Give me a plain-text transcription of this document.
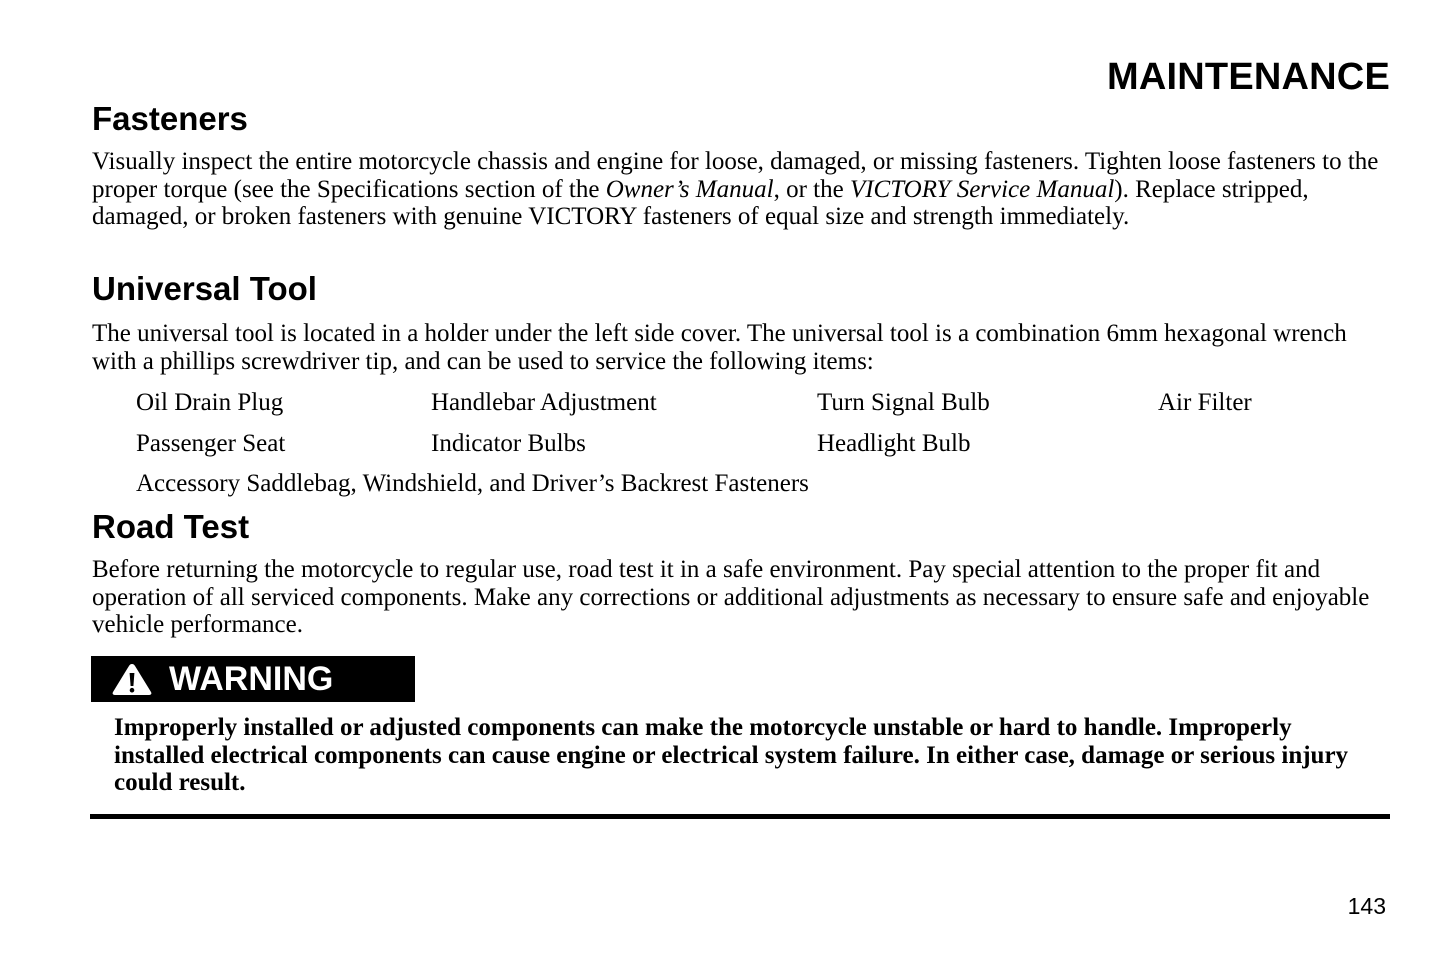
MAINTENANCE
Fasteners
Visually inspect the entire motorcycle chassis and engine for loose, damaged, or missing fasteners. Tighten loose fasteners to the proper torque (see the Specifications section of the Owner’s Manual, or the VICTORY Service Manual). Replace stripped, damaged, or broken fasteners with genuine VICTORY fasteners of equal size and strength immediately.
Universal Tool
The universal tool is located in a holder under the left side cover. The universal tool is a combination 6mm hexagonal wrench with a phillips screwdriver tip, and can be used to service the following items:
Oil Drain Plug	Handlebar Adjustment	Turn Signal Bulb	Air Filter
Passenger Seat	Indicator Bulbs	Headlight Bulb
Accessory Saddlebag, Windshield, and Driver’s Backrest Fasteners
Road Test
Before returning the motorcycle to regular use, road test it in a safe environment. Pay special attention to the proper fit and operation of all serviced components. Make any corrections or additional adjustments as necessary to ensure safe and enjoyable vehicle performance.
WARNING
Improperly installed or adjusted components can make the motorcycle unstable or hard to handle. Improperly installed electrical components can cause engine or electrical system failure. In either case, damage or serious injury could result.
143
